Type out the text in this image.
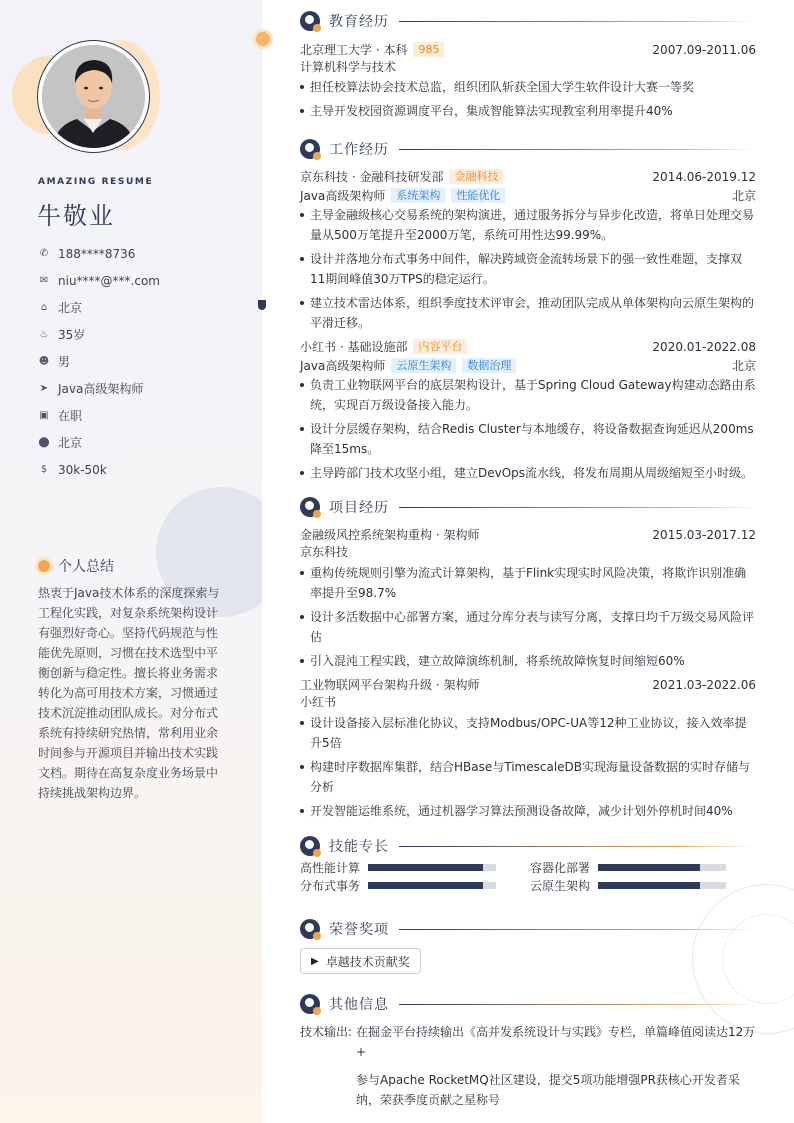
AMAZING RESUME
牛敬业
✆ 188****8736
✉ niu****@***.com
⌂ 北京
♨ 35岁
☻ 男
➤ Java高级架构师
▣ 在职
⬤ 北京
$ 30k-50k
个人总结
热衷于Java技术体系的深度探索与工程化实践，对复杂系统架构设计有强烈好奇心。坚持代码规范与性能优先原则，习惯在技术选型中平衡创新与稳定性。擅长将业务需求转化为高可用技术方案，习惯通过技术沉淀推动团队成长。对分布式系统有持续研究热情，常利用业余时间参与开源项目并输出技术实践文档。期待在高复杂度业务场景中持续挑战架构边界。
教育经历
北京理工大学 · 本科	985	2007.09-2011.06
计算机科学与技术
担任校算法协会技术总监，组织团队斩获全国大学生软件设计大赛一等奖
主导开发校园资源调度平台，集成智能算法实现教室利用率提升40%
工作经历
京东科技 · 金融科技研发部	金融科技	2014.06-2019.12
Java高级架构师	系统架构	性能优化	北京
主导金融级核心交易系统的架构演进，通过服务拆分与异步化改造，将单日处理交易量从500万笔提升至2000万笔，系统可用性达99.99%。
设计并落地分布式事务中间件，解决跨域资金流转场景下的强一致性难题，支撑双11期间峰值30万TPS的稳定运行。
建立技术雷达体系，组织季度技术评审会，推动团队完成从单体架构向云原生架构的平滑迁移。
小红书 · 基础设施部	内容平台	2020.01-2022.08
Java高级架构师	云原生架构	数据治理	北京
负责工业物联网平台的底层架构设计，基于Spring Cloud Gateway构建动态路由系统，实现百万级设备接入能力。
设计分层缓存架构，结合Redis Cluster与本地缓存，将设备数据查询延迟从200ms降至15ms。
主导跨部门技术攻坚小组，建立DevOps流水线，将发布周期从周级缩短至小时级。
项目经历
金融级风控系统架构重构 · 架构师	2015.03-2017.12
京东科技
重构传统规则引擎为流式计算架构，基于Flink实现实时风险决策，将欺诈识别准确率提升至98.7%
设计多活数据中心部署方案，通过分库分表与读写分离，支撑日均千万级交易风险评估
引入混沌工程实践，建立故障演练机制，将系统故障恢复时间缩短60%
工业物联网平台架构升级 · 架构师	2021.03-2022.06
小红书
设计设备接入层标准化协议，支持Modbus/OPC-UA等12种工业协议，接入效率提升5倍
构建时序数据库集群，结合HBase与TimescaleDB实现海量设备数据的实时存储与分析
开发智能运维系统，通过机器学习算法预测设备故障，减少计划外停机时间40%
技能专长
高性能计算	容器化部署
分布式事务	云原生架构
荣誉奖项
▶ 卓越技术贡献奖
其他信息
技术输出: 在掘金平台持续输出《高并发系统设计与实践》专栏，单篇峰值阅读达12万+

参与Apache RocketMQ社区建设，提交5项功能增强PR获核心开发者采纳，荣获季度贡献之星称号
